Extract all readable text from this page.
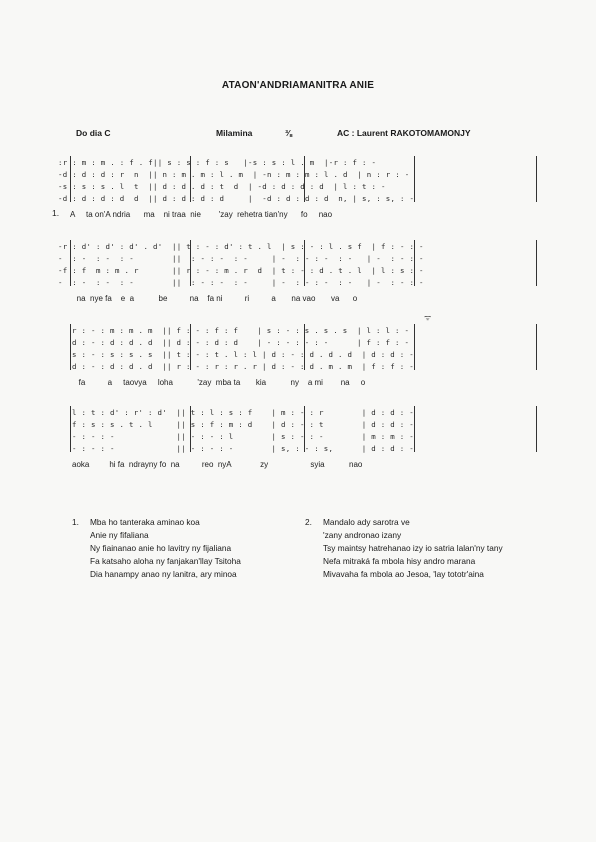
ATAON'ANDRIAMANITRA ANIE
Do dia C	Milamina	⅜	AC : Laurent RAKOTOMAMONJY
:r : m : m . : f . f|| s : s : f : s   |-s : s : l . m  |-r : f : -
-d : d : d : r  n  || n : m . m : l . m  | -n : m : m : l . d  | n : r : -
-s : s : s . l  t  || d : d . d : t  d  | -d : d : d : d  | l : t : -
-d : d : d : d  d  || d : d : d : d     |  -d : d : d : d  n, | s, : s, : -
1. A     ta on'A ndria      ma    ni traa  nie        'zay  rehetra tian'ny      fo     nao
-r : d' : d' : d' . d'  || t : - : d' : t . l  | s : - : l . s f  | f : - : -
-  : -  : -  : -        ||  : - : -  : -     | -  : - : -  : -   | -  : - : -
-f : f  m : m . r       || r : - : m . r  d  | t : - : d . t . l  | l : s : -
-  : -  : -  : -        ||  : - : -  : -     | -  : - : -  : -   | -  : - : -
na  nye fa    e  a           be          na    fa ni          ri          a       na vao       va      o
ᯤ
r : - : m : m . m  || f : - : f : f    | s : - : s . s . s  | l : l : -
d : - : d : d . d  || d : - : d : d    | - : - : - : -      | f : f : -
s : - : s : s . s  || t : - : t . l : l | d : - : d . d . d  | d : d : -
d : - : d : d . d  || r : - : r : r . r | d : - : d . m . m  | f : f : -
fa          a     taovya     loha           'zay  mba ta       kia           ny    a mi        na     o
l : t : d' : r' : d'  || t : l : s : f    | m : - : r        | d : d : -
f : s : s . t . l     || s : f : m : d    | d : - : t        | d : d : -
- : - : -             || - : - : l        | s : - : -        | m : m : -
- : - : -             || - : - : -        | s, : - : s,      | d : d : -
aoka         hi fa  ndrayny fo  na          reo  nyA             zy                   syia           nao
1. Mba ho tanteraka aminao koa
Anie ny fifaliana
Ny fiainanao anie ho lavitry ny fijaliana
Fa katsaho aloha ny fanjakan'llay Tsitoha
Dia hanampy anao ny lanitra, ary minoa
2. Mandalo ady sarotra ve
'zany andronao izany
Tsy maintsy hatrehanao izy io satria lalan'ny tany
Nefa mitraká fa mbola hisy andro marana
Mivavaha fa mbola ao Jesoa, 'lay tototr'aina
